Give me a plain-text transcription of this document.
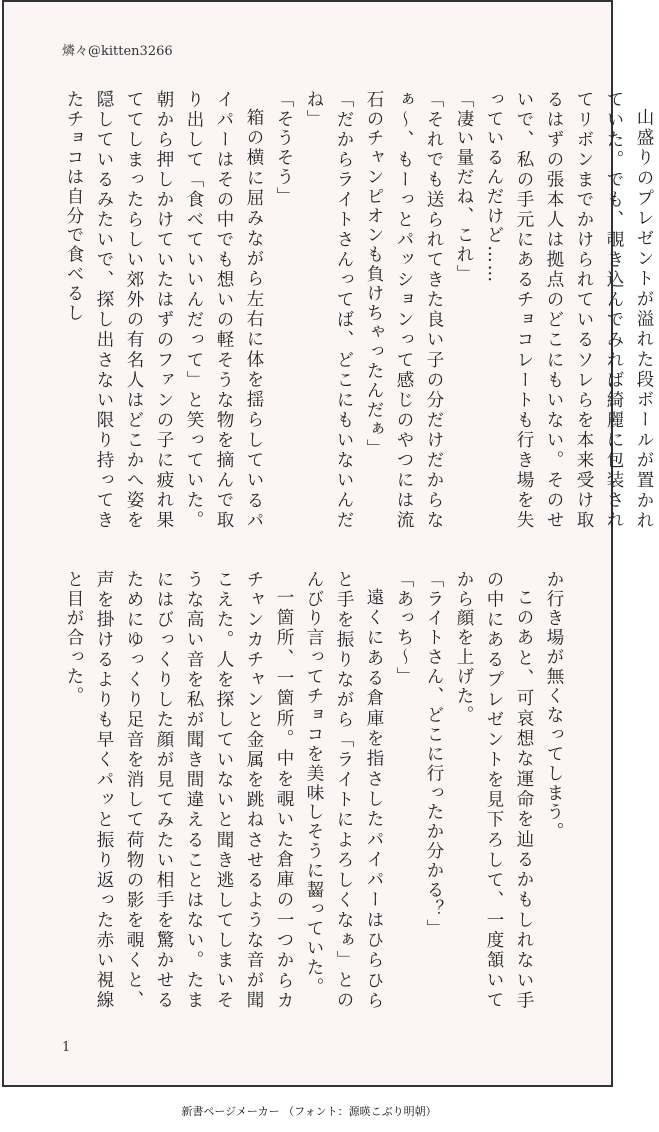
燐々@kitten3266

山盛りのプレゼントが溢れた段ボールが置かれていた。でも、覗き込んでみれば綺麗に包装されてリボンまでかけられているソレらを本来受け取るはずの張本人は拠点のどこにもいない。そのせいで、私の手元にあるチョコレートも行き場を失っているんだけど……

「凄い量だね、これ」

「それでも送られてきた良い子の分だけだからなぁ～、もーっとパッションって感じのやつには流石のチャンピオンも負けちゃったんだぁ」

「だからライトさんってば、どこにもいないんだね」

「そうそう」

箱の横に屈みながら左右に体を揺らしているパイパーはその中でも想いの軽そうな物を摘んで取り出して「食べていいんだって」と笑っていた。朝から押しかけていたはずのファンの子に疲れ果ててしまったらしい郊外の有名人はどこかへ姿を隠しているみたいで、探し出さない限り持ってきたチョコは自分で食べるし

か行き場が無くなってしまう。

このあと、可哀想な運命を辿るかもしれない手の中にあるプレゼントを見下ろして、一度頷いてから顔を上げた。

「ライトさん、どこに行ったか分かる？」

「あっち～」

遠くにある倉庫を指さしたパイパーはひらひらと手を振りながら「ライトによろしくなぁ」とのんびり言ってチョコを美味しそうに齧っていた。

一箇所、一箇所。中を覗いた倉庫の一つからカチャンカチャンと金属を跳ねさせるような音が聞こえた。人を探していないと聞き逃してしまいそうな高い音を私が聞き間違えることはない。たまにはびっくりした顔が見てみたい相手を驚かせるためにゆっくり足音を消して荷物の影を覗くと、声を掛けるよりも早くパッと振り返った赤い視線と目が合った。

1
新書ページメーカー （フォント：源暎こぶり明朝）
